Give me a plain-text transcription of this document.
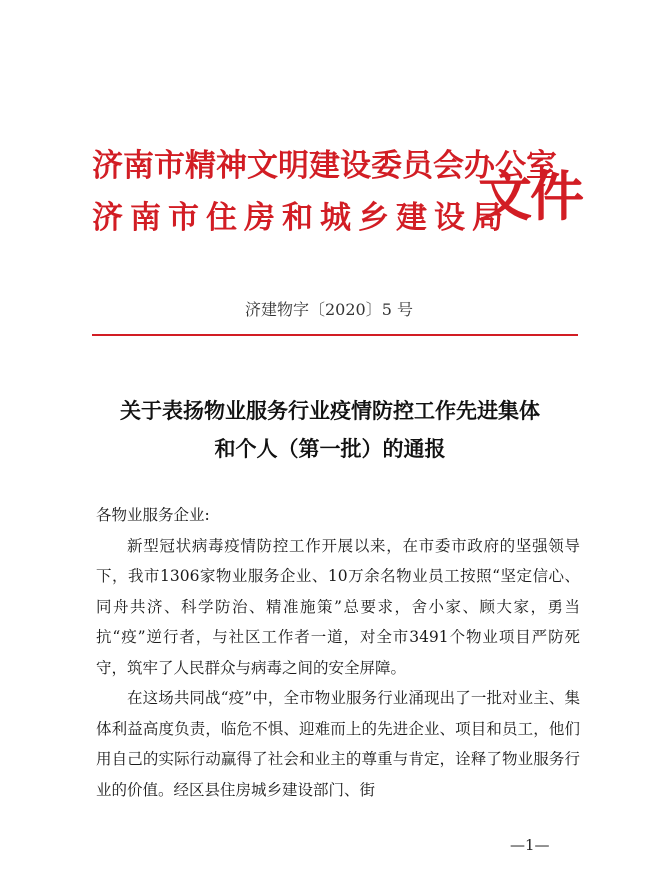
济南市精神文明建设委员会办公室
济南市住房和城乡建设局
文件
济建物字〔2020〕5 号
关于表扬物业服务行业疫情防控工作先进集体
和个人（第一批）的通报
各物业服务企业:

新型冠状病毒疫情防控工作开展以来，在市委市政府的坚强领导下，我市1306家物业服务企业、10万余名物业员工按照“坚定信心、同舟共济、科学防治、精准施策”总要求，舍小家、顾大家，勇当抗“疫”逆行者，与社区工作者一道，对全市3491个物业项目严防死守，筑牢了人民群众与病毒之间的安全屏障。

在这场共同战“疫”中，全市物业服务行业涌现出了一批对业主、集体利益高度负责，临危不惧、迎难而上的先进企业、项目和员工，他们用自己的实际行动赢得了社会和业主的尊重与肯定，诠释了物业服务行业的价值。经区县住房城乡建设部门、街

—1—
